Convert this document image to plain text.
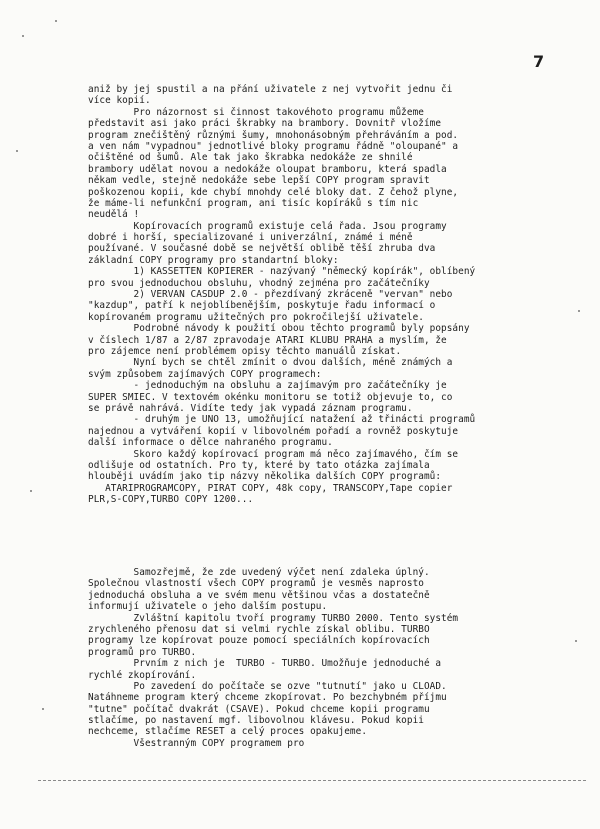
7
aniž by jej spustil a na přání uživatele z nej vytvořit jednu či
více kopií.
Pro názornost si činnost takovéhoto programu můžeme
představit asi jako práci škrabky na brambory. Dovnitř vložíme
program znečištěný různými šumy, mnohonásobným přehráváním a pod.
a ven nám "vypadnou" jednotlivé bloky programu řádně "oloupané" a
očištěné od šumů. Ale tak jako škrabka nedokáže ze shnilé
brambory udělat novou a nedokáže oloupat bramboru, která spadla
někam vedle, stejně nedokáže sebe lepší COPY program spravit
poškozenou kopii, kde chybí mnohdy celé bloky dat. Z čehož plyne,
že máme-li nefunkční program, ani tisíc kopíráků s tím nic
neudělá !
Kopírovacích programů existuje celá řada. Jsou programy
dobré i horší, specializované i univerzální, známé i méně
používané. V současné době se největší oblibě těší zhruba dva
základní COPY programy pro standartní bloky:
1) KASSETTEN KOPIERER - nazývaný "německý kopírák", oblíbený
pro svou jednoduchou obsluhu, vhodný zejména pro začátečníky
2) VERVAN CASDUP 2.0 - přezdívaný zkráceně "vervan" nebo
"kazdup", patří k nejoblíbenějším, poskytuje řadu informací o
kopírovaném programu užitečných pro pokročilejší uživatele.
Podrobné návody k použití obou těchto programů byly popsány
v číslech 1/87 a 2/87 zpravodaje ATARI KLUBU PRAHA a myslím, že
pro zájemce není problémem opisy těchto manuálů získat.
Nyní bych se chtěl zmínit o dvou dalších, méně známých a
svým způsobem zajímavých COPY programech:
- jednoduchým na obsluhu a zajímavým pro začátečníky je
SUPER SMIEC. V textovém okénku monitoru se totiž objevuje to, co
se právě nahrává. Vidíte tedy jak vypadá záznam programu.
- druhým je UNO 13, umožňující natažení až třinácti programů
najednou a vytváření kopií v libovolném pořadí a rovněž poskytuje
další informace o dělce nahraného programu.
Skoro každý kopírovací program má něco zajímavého, čím se
odlišuje od ostatních. Pro ty, které by tato otázka zajímala
hlouběji uvádím jako tip názvy několika dalších COPY programů:
ATARIPROGRAMCOPY, PIRAT COPY, 48k copy, TRANSCOPY,Tape copier
PLR,S-COPY,TURBO COPY 1200...
Samozřejmě, že zde uvedený výčet není zdaleka úplný.
Společnou vlastností všech COPY programů je vesměs naprosto
jednoduchá obsluha a ve svém menu většinou včas a dostatečně
informují uživatele o jeho dalším postupu.
Zvláštní kapitolu tvoří programy TURBO 2000. Tento systém
zrychleného přenosu dat si velmi rychle získal oblibu. TURBO
programy lze kopírovat pouze pomocí speciálních kopírovacích
programů pro TURBO.
Prvním z nich je  TURBO - TURBO. Umožňuje jednoduché a
rychlé zkopírování.
Po zavedení do počítače se ozve "tutnutí" jako u CLOAD.
Natáhneme program který chceme zkopírovat. Po bezchybném příjmu
"tutne" počítač dvakrát (CSAVE). Pokud chceme kopii programu
stlačíme, po nastavení mgf. libovolnou klávesu. Pokud kopii
nechceme, stlačíme RESET a celý proces opakujeme.
Všestranným COPY programem pro
